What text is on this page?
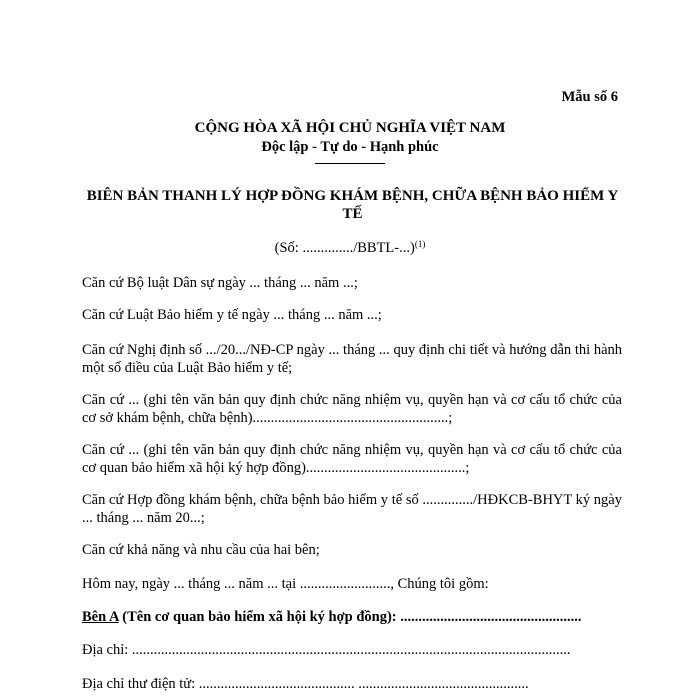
Mẫu số 6
CỘNG HÒA XÃ HỘI CHỦ NGHĨA VIỆT NAM
Độc lập - Tự do - Hạnh phúc
BIÊN BẢN THANH LÝ HỢP ĐỒNG KHÁM BỆNH, CHỮA BỆNH BẢO HIỂM Y TẾ
(Số: ............../BBTL-...)$^{(1)}$
Căn cứ Bộ luật Dân sự ngày ... tháng ... năm ...;
Căn cứ Luật Bảo hiểm y tế ngày ... tháng ... năm ...;
Căn cứ Nghị định số .../20.../NĐ-CP ngày ... tháng ... quy định chi tiết và hướng dẫn thi hành một số điều của Luật Bảo hiểm y tế;
Căn cứ ... (ghi tên văn bản quy định chức năng nhiệm vụ, quyền hạn và cơ cấu tổ chức của cơ sở khám bệnh, chữa bệnh)......................................................;
Căn cứ ... (ghi tên văn bản quy định chức năng nhiệm vụ, quyền hạn và cơ cấu tổ chức của cơ quan bảo hiểm xã hội ký hợp đồng)............................................;
Căn cứ Hợp đồng khám bệnh, chữa bệnh bảo hiểm y tế số ............../HĐKCB-BHYT ký ngày ... tháng ... năm 20...;
Căn cứ khả năng và nhu cầu của hai bên;
Hôm nay, ngày ... tháng ... năm ... tại ........................., Chúng tôi gồm:
Bên A (Tên cơ quan bảo hiểm xã hội ký hợp đồng): ..................................................
Địa chỉ: .........................................................................................................................
Địa chỉ thư điện tử: ........................................... ...............................................
